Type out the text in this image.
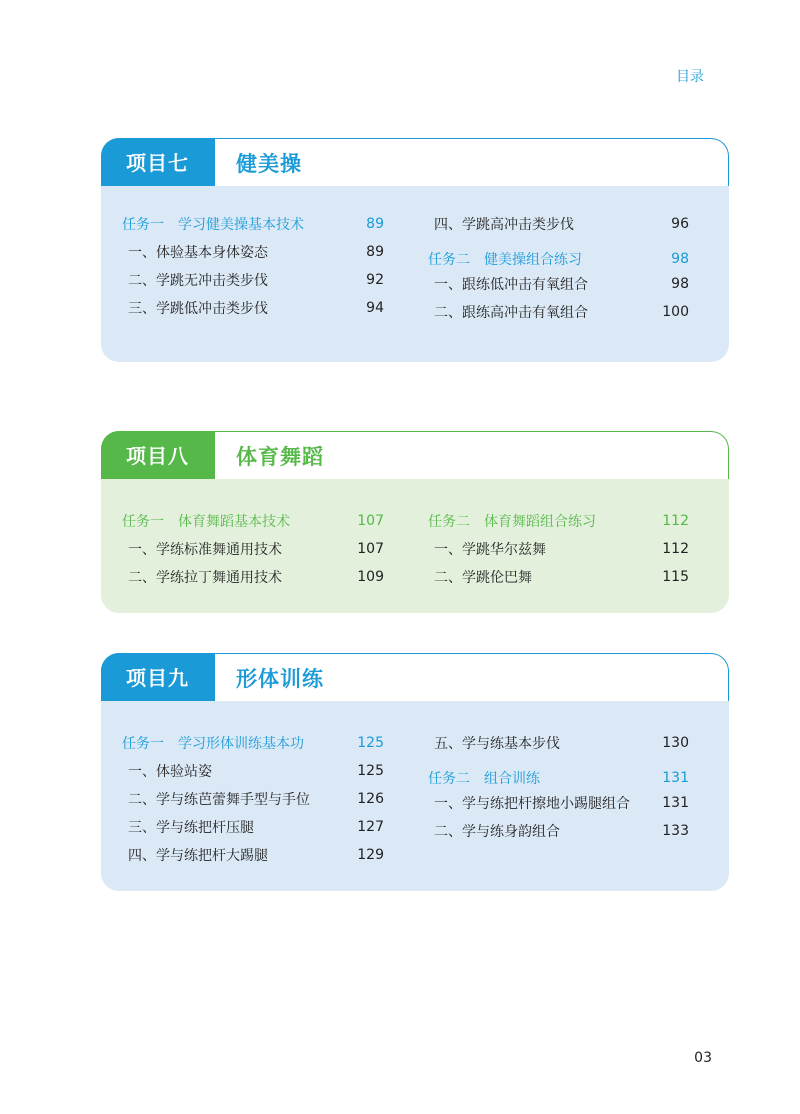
目录
项目七	健美操
任务一　学习健美操基本技术	89
一、体验基本身体姿态	89
二、学跳无冲击类步伐	92
三、学跳低冲击类步伐	94
四、学跳高冲击类步伐	96
任务二　健美操组合练习	98
一、跟练低冲击有氧组合	98
二、跟练高冲击有氧组合	100
项目八	体育舞蹈
任务一　体育舞蹈基本技术	107
一、学练标准舞通用技术	107
二、学练拉丁舞通用技术	109
任务二　体育舞蹈组合练习	112
一、学跳华尔兹舞	112
二、学跳伦巴舞	115
项目九	形体训练
任务一　学习形体训练基本功	125
一、体验站姿	125
二、学与练芭蕾舞手型与手位	126
三、学与练把杆压腿	127
四、学与练把杆大踢腿	129
五、学与练基本步伐	130
任务二　组合训练	131
一、学与练把杆擦地小踢腿组合 131
二、学与练身韵组合	133
03
